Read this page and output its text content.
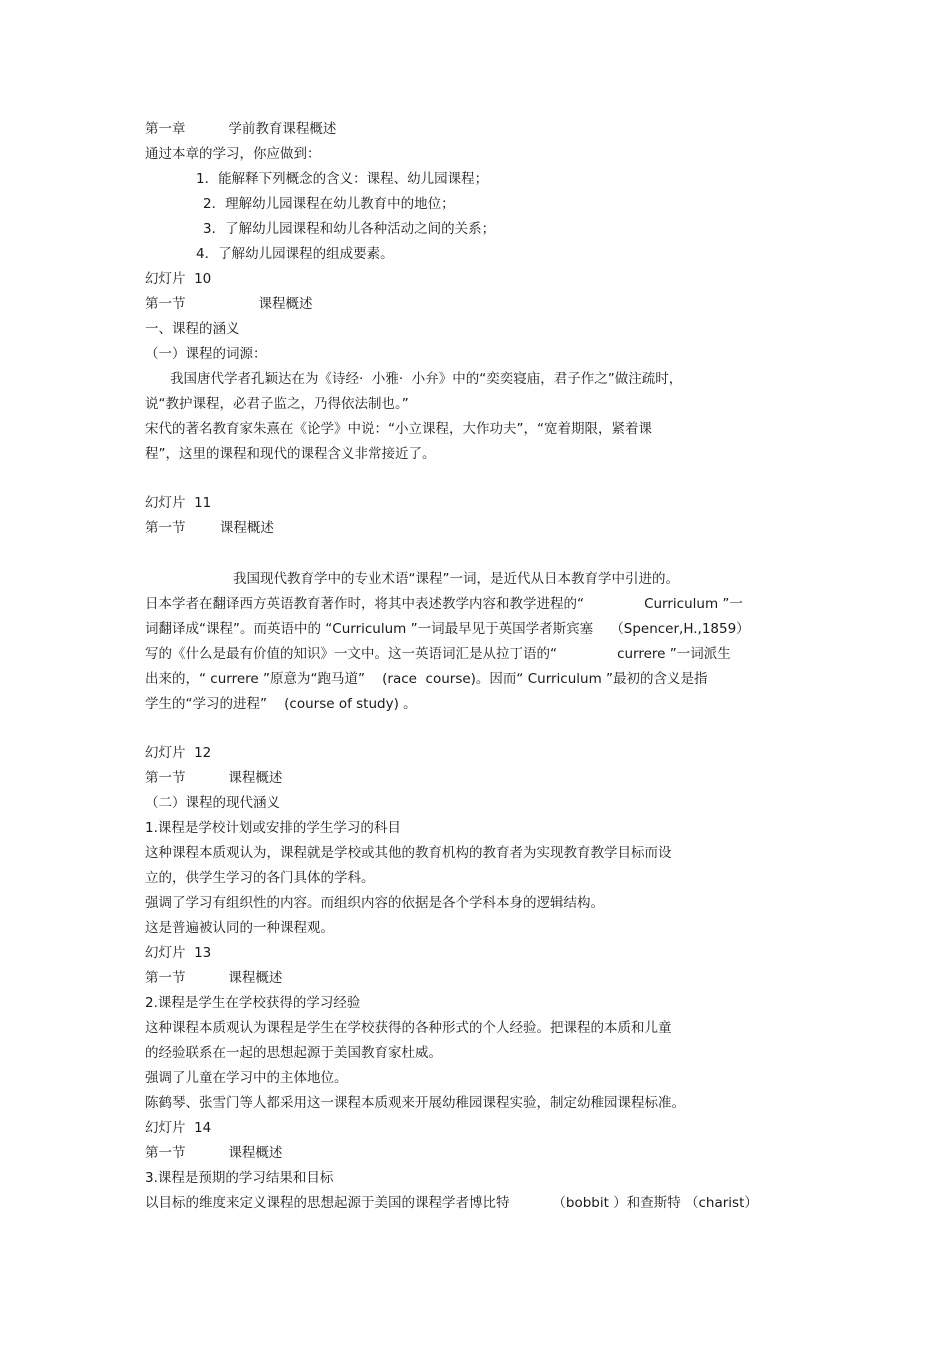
第一章          学前教育课程概述
通过本章的学习，你应做到：
1．能解释下列概念的含义：课程、幼儿园课程；
2．理解幼儿园课程在幼儿教育中的地位；
3．了解幼儿园课程和幼儿各种活动之间的关系；
4．了解幼儿园课程的组成要素。
幻灯片  10
第一节                 课程概述
一、课程的涵义
（一）课程的词源：
我国唐代学者孔颖达在为《诗经·  小雅·  小弁》中的“奕奕寝庙，君子作之”做注疏时，
说“教护课程，必君子监之，乃得依法制也。”
宋代的著名教育家朱熹在《论学》中说：“小立课程，大作功夫”，“宽着期限，紧着课
程”，这里的课程和现代的课程含义非常接近了。
幻灯片  11
第一节        课程概述
我国现代教育学中的专业术语“课程”一词，是近代从日本教育学中引进的。
日本学者在翻译西方英语教育著作时，将其中表述教学内容和教学进程的“              Curriculum ”一
词翻译成“课程”。而英语中的 “Curriculum ”一词最早见于英国学者斯宾塞    （Spencer,H.,1859）
写的《什么是最有价值的知识》一文中。这一英语词汇是从拉丁语的“              currere ”一词派生
出来的，“ currere ”原意为“跑马道”    (race  course)。因而“ Curriculum ”最初的含义是指
学生的“学习的进程”    (course of study) 。
幻灯片  12
第一节          课程概述
（二）课程的现代涵义
1.课程是学校计划或安排的学生学习的科目
这种课程本质观认为，课程就是学校或其他的教育机构的教育者为实现教育教学目标而设
立的，供学生学习的各门具体的学科。
强调了学习有组织性的内容。而组织内容的依据是各个学科本身的逻辑结构。
这是普遍被认同的一种课程观。
幻灯片  13
第一节          课程概述
2.课程是学生在学校获得的学习经验
这种课程本质观认为课程是学生在学校获得的各种形式的个人经验。把课程的本质和儿童
的经验联系在一起的思想起源于美国教育家杜威。
强调了儿童在学习中的主体地位。
陈鹤琴、张雪门等人都采用这一课程本质观来开展幼稚园课程实验，制定幼稚园课程标准。
幻灯片  14
第一节          课程概述
3.课程是预期的学习结果和目标
以目标的维度来定义课程的思想起源于美国的课程学者博比特          （bobbit ）和查斯特 （charist）
